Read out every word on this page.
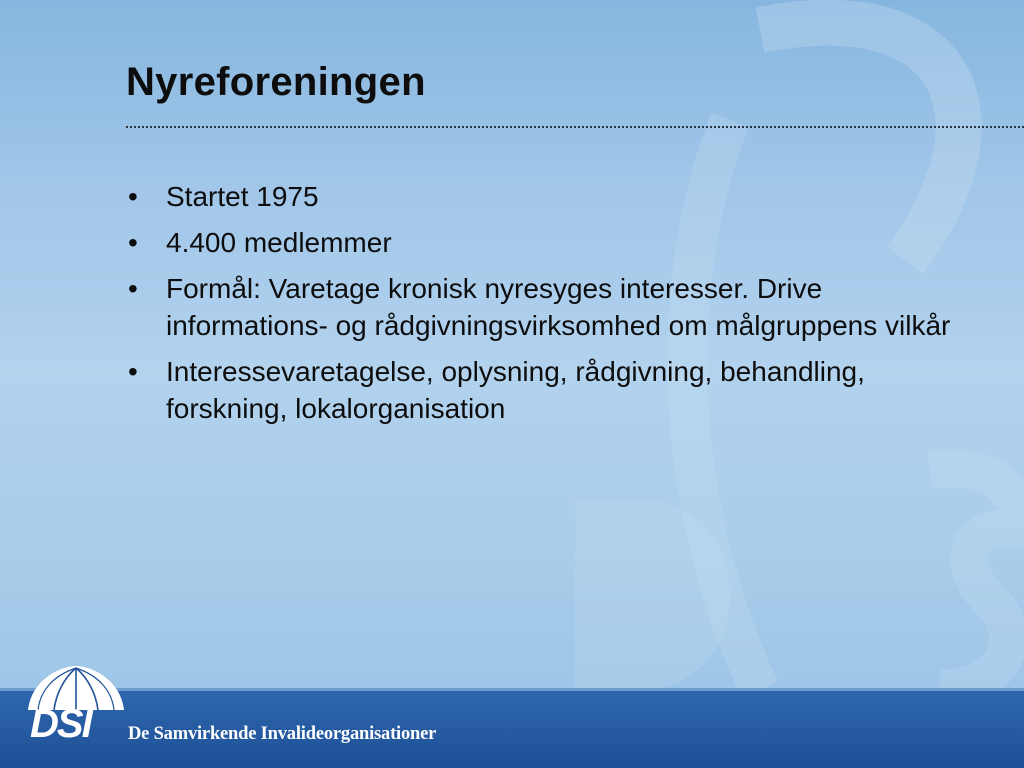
Nyreforeningen
• Startet 1975
• 4.400 medlemmer
• Formål: Varetage kronisk nyresyges interesser. Drive informations- og rådgivningsvirksomhed om målgruppens vilkår
• Interessevaretagelse, oplysning, rådgivning, behandling, forskning, lokalorganisation
DSI De Samvirkende Invalideorganisationer
